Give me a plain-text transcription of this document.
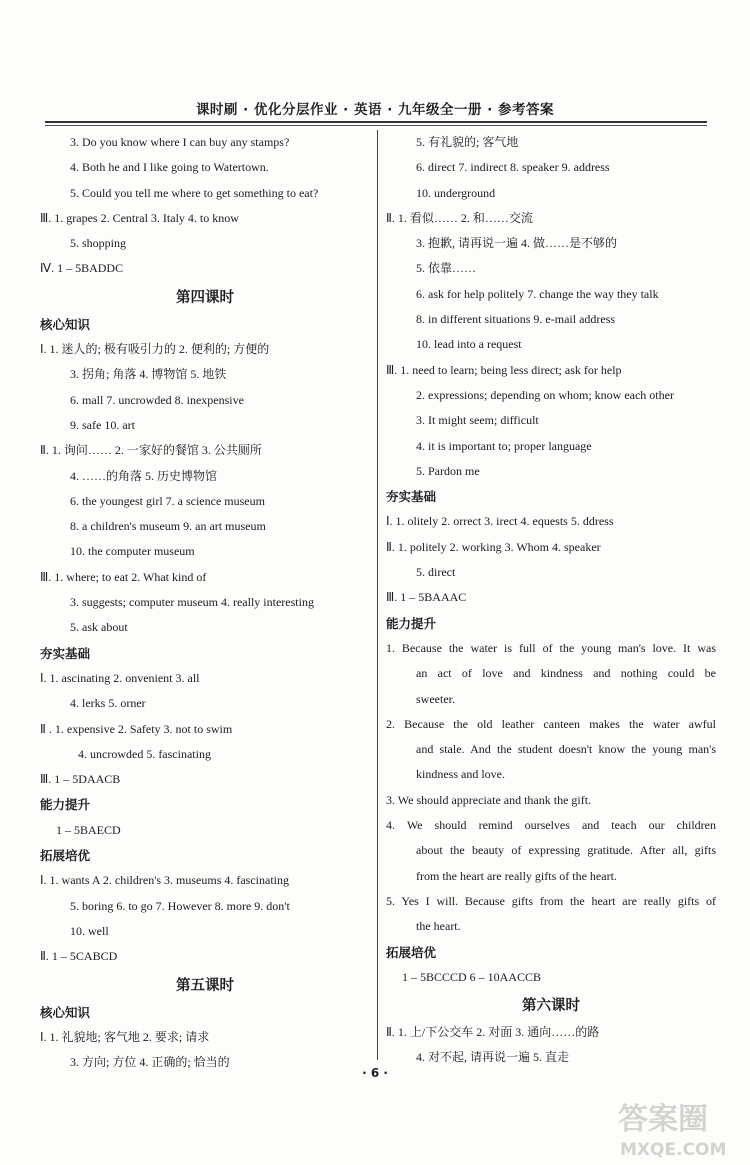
课时刷 · 优化分层作业 · 英语 · 九年级全一册 · 参考答案
3. Do you know where I can buy any stamps?
4. Both he and I like going to Watertown.
5. Could you tell me where to get something to eat?
Ⅲ. 1. grapes 2. Central 3. Italy 4. to know
5. shopping
Ⅳ. 1 – 5BADDC
第四课时
核心知识
Ⅰ. 1. 迷人的; 极有吸引力的 2. 便利的; 方便的
3. 拐角; 角落 4. 博物馆 5. 地铁
6. mall 7. uncrowded 8. inexpensive
9. safe 10. art
Ⅱ. 1. 询问…… 2. 一家好的餐馆 3. 公共厕所
4. ……的角落 5. 历史博物馆
6. the youngest girl 7. a science museum
8. a children's museum 9. an art museum
10. the computer museum
Ⅲ. 1. where; to eat 2. What kind of
3. suggests; computer museum 4. really interesting
5. ask about
夯实基础
Ⅰ. 1. ascinating 2. onvenient 3. all
4. lerks 5. orner
Ⅱ . 1. expensive 2. Safety 3. not to swim
4. uncrowded 5. fascinating
Ⅲ. 1 – 5DAACB
能力提升
1 – 5BAECD
拓展培优
Ⅰ. 1. wants A 2. children's 3. museums 4. fascinating
5. boring 6. to go 7. However 8. more 9. don't
10. well
Ⅱ. 1 – 5CABCD
第五课时
核心知识
Ⅰ. 1. 礼貌地; 客气地 2. 要求; 请求
3. 方向; 方位 4. 正确的; 恰当的
5. 有礼貌的; 客气地
6. direct 7. indirect 8. speaker 9. address
10. underground
Ⅱ. 1. 看似…… 2. 和……交流
3. 抱歉, 请再说一遍 4. 做……是不够的
5. 依靠……
6. ask for help politely 7. change the way they talk
8. in different situations 9. e-mail address
10. lead into a request
Ⅲ. 1. need to learn; being less direct; ask for help
2. expressions; depending on whom; know each other
3. It might seem; difficult
4. it is important to; proper language
5. Pardon me
夯实基础
Ⅰ. 1. olitely 2. orrect 3. irect 4. equests 5. ddress
Ⅱ. 1. politely 2. working 3. Whom 4. speaker
5. direct
Ⅲ. 1 – 5BAAAC
能力提升
1. Because the water is full of the young man's love. It was
an act of love and kindness and nothing could be
sweeter.
2. Because the old leather canteen makes the water awful
and stale. And the student doesn't know the young man's
kindness and love.
3. We should appreciate and thank the gift.
4. We should remind ourselves and teach our children
about the beauty of expressing gratitude. After all, gifts
from the heart are really gifts of the heart.
5. Yes I will. Because gifts from the heart are really gifts of
the heart.
拓展培优
1 – 5BCCCD 6 – 10AACCB
第六课时
Ⅱ. 1. 上/下公交车 2. 对面 3. 通向……的路
4. 对不起, 请再说一遍 5. 直走
· 6 ·
答案圈
MXQE.COM
